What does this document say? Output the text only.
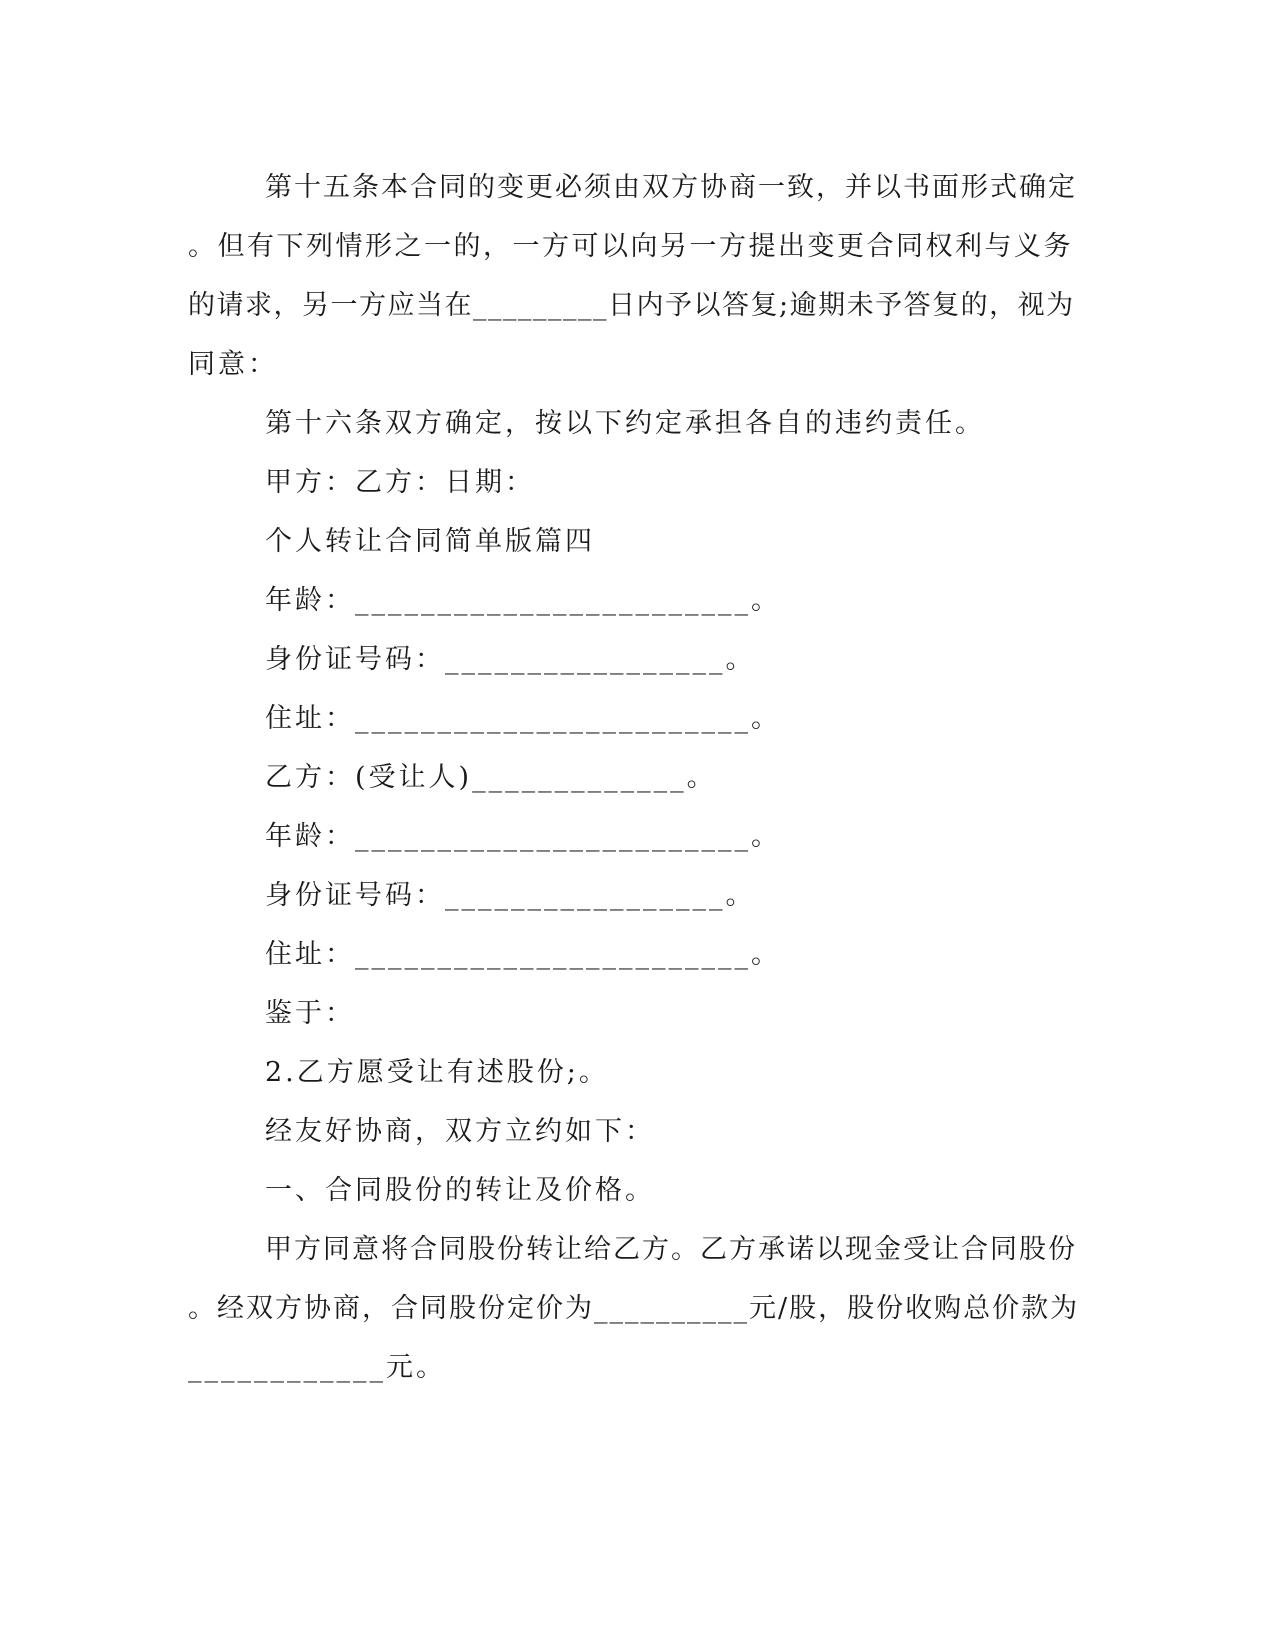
第十五条本合同的变更必须由双方协商一致，并以书面形式确定
。但有下列情形之一的，一方可以向另一方提出变更合同权利与义务
的请求，另一方应当在_________日内予以答复;逾期未予答复的，视为
同意：
第十六条双方确定，按以下约定承担各自的违约责任。
甲方：乙方：日期：
个人转让合同简单版篇四
年龄：________________________。
身份证号码：_________________。
住址：________________________。
乙方：(受让人)_____________。
年龄：________________________。
身份证号码：_________________。
住址：________________________。
鉴于：
2.乙方愿受让有述股份;。
经友好协商，双方立约如下：
一、合同股份的转让及价格。
甲方同意将合同股份转让给乙方。乙方承诺以现金受让合同股份
。经双方协商，合同股份定价为__________元/股，股份收购总价款为
____________元。
